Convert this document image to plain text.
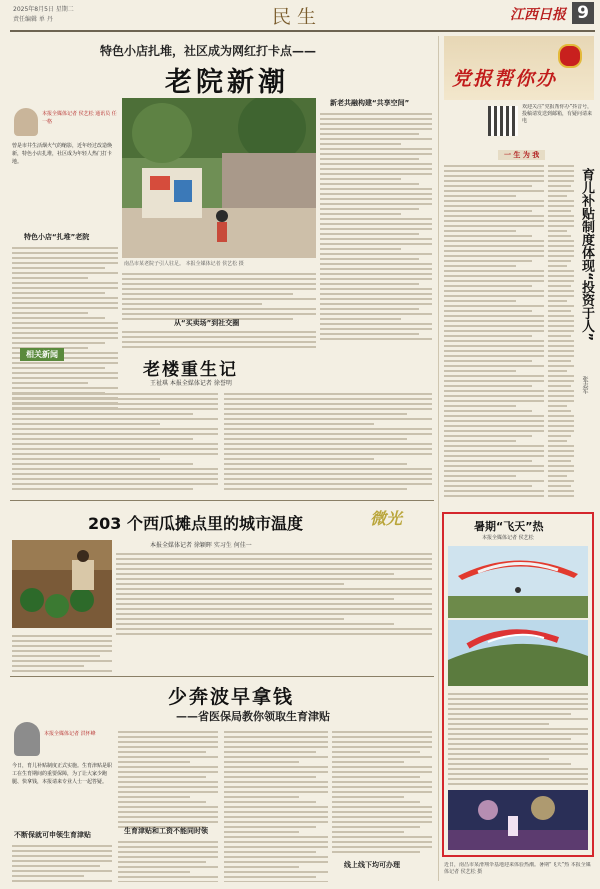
2025年8月5日 星期二
责任编辑 单 丹	民生	江西日报 9
特色小店扎堆，社区成为网红打卡点——
老院新潮
本报全媒体记者 侯艺松 通讯员 任一格
曾是市井生活烟火气的缩影，近年经过改造焕新，特色小店扎堆，社区成为年轻人热门打卡地。
特色小店“扎堆”老院
南昌市某老院子引人驻足。 本报全媒体记者 侯艺松 摄
从“买卖场”到社交圈
新老共融构建“共享空间”
相关新闻
老楼重生记
王祉琪 本报全媒体记者 徐誉明
203 个西瓜摊点里的城市温度	微光
本报全媒体记者 徐颖晖 实习生 何佳一
少奔波早拿钱
——省医保局教你领取生育津贴
本报全媒体记者 洪怀峰
今日，育儿补贴制度正式实施。生育津贴是职工在生育期间的重要保障，为了让大家少跑腿、快拿钱，本报请来专业人士一起答疑。
不断保就可申领生育津贴	生育津贴和工资不能同时领
线上线下均可办理
党报帮你办
欢迎关注“党报帮你办”抖音号，投稿请发送到邮箱，有疑问请来电
一 生 为 我
育儿补贴制度体现“投资于人”
张志军
暑期“飞天”热
本报全媒体记者 侯艺松
近日，南昌市某滑翔伞基地迎来体验热潮。暑期“飞天”热 本报全媒体记者 侯艺松 摄
